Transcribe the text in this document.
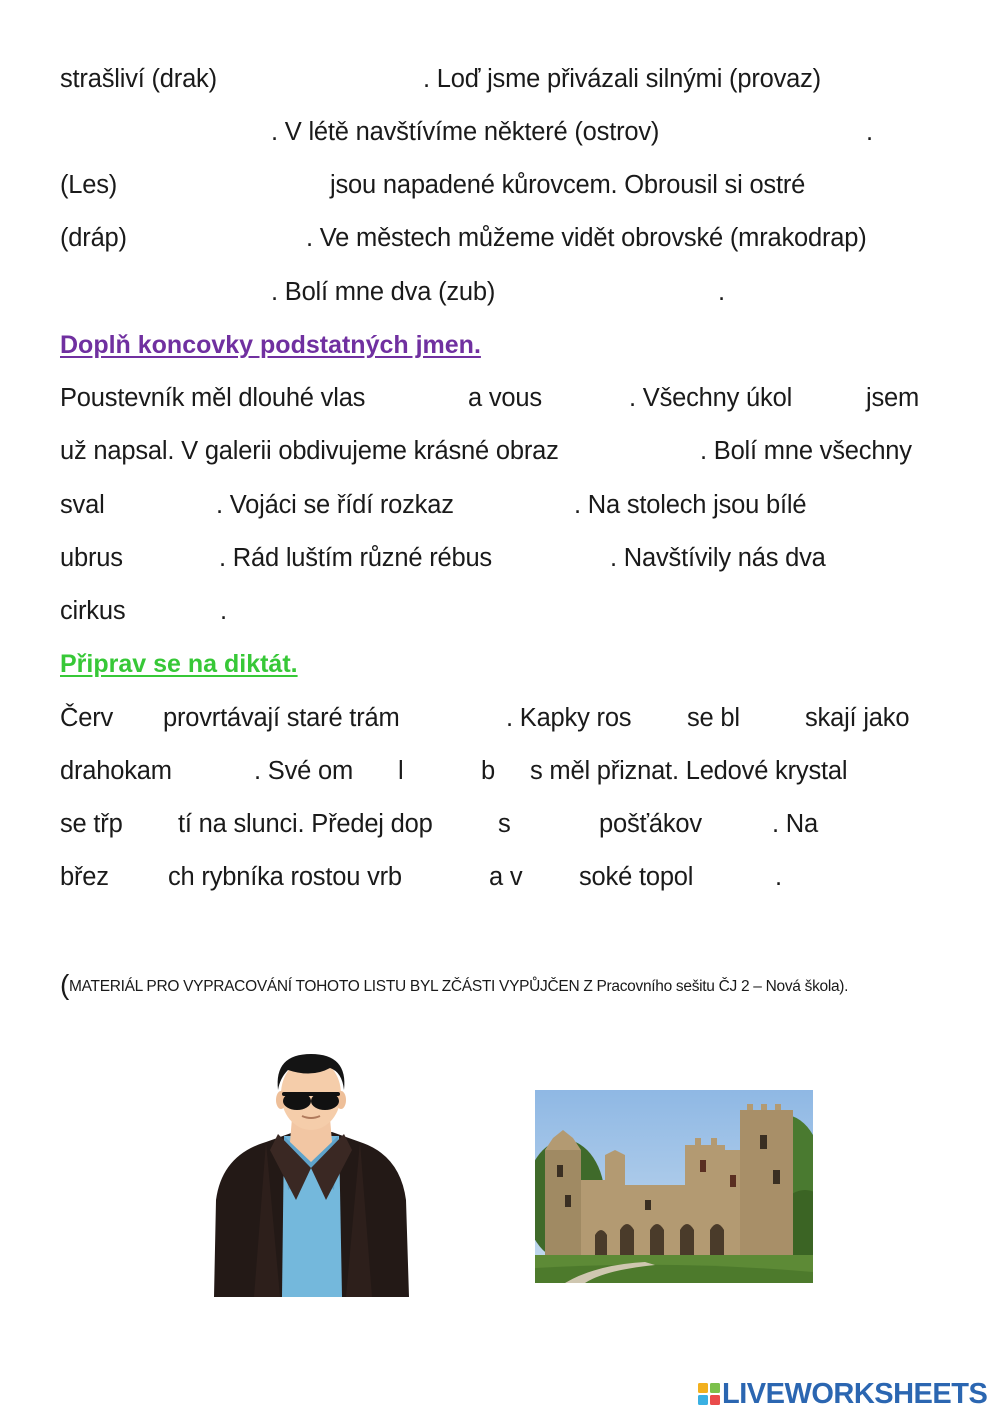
strašliví (drak)	. Loď jsme přivázali silnými (provaz)
. V létě navštívíme některé (ostrov)	.
(Les)	jsou napadené kůrovcem. Obrousil si ostré
(dráp)	. Ve městech můžeme vidět obrovské (mrakodrap)
. Bolí mne dva (zub)	.
Doplň koncovky podstatných jmen.
Poustevník měl dlouhé vlas	a vous	. Všechny úkol	jsem
už napsal. V galerii obdivujeme krásné obraz	. Bolí mne všechny
sval	. Vojáci se řídí rozkaz	. Na stolech jsou bílé
ubrus	. Rád luštím různé rébus	. Navštívily nás dva
cirkus	.
Připrav se na diktát.
Červ provrtávají staré trám	. Kapky ros se bl	skají jako
drahokam	. Své om l	b s měl přiznat. Ledové krystal
se třp tí na slunci. Předej dop	s	pošťákov	. Na
břez ch rybníka rostou vrb	a v soké topol	.
(MATERIÁL PRO VYPRACOVÁNÍ TOHOTO LISTU BYL ZČÁSTI VYPŮJČEN Z Pracovního sešitu ČJ 2 – Nová škola).
LIVEWORKSHEETS
